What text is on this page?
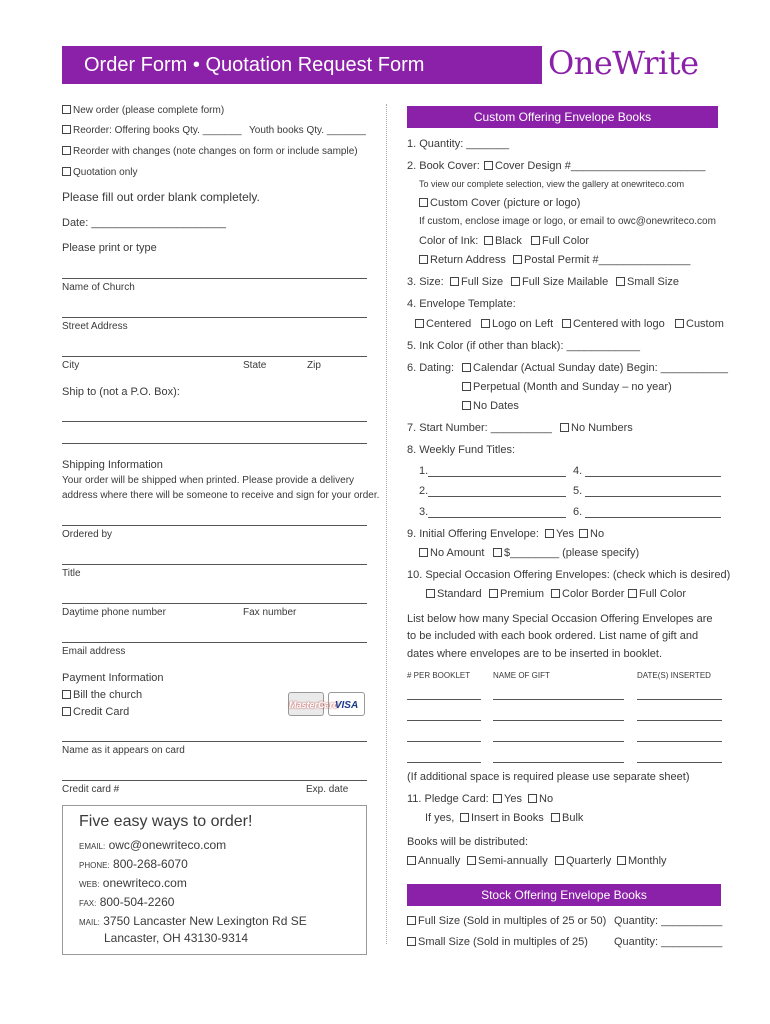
Order Form • Quotation Request Form	OneWrite
New order (please complete form)
Reorder: Offering books Qty. _______ Youth books Qty. _______
Reorder with changes (note changes on form or include sample)
Quotation only
Please fill out order blank completely.
Date: ______________________
Please print or type
Name of Church
Street Address
City	State	Zip
Ship to (not a P.O. Box):
Shipping Information
Your order will be shipped when printed. Please provide a delivery
address where there will be someone to receive and sign for your order.
Ordered by
Title
Daytime phone number	Fax number
Email address
Payment Information
Bill the church
Credit Card
MasterCard
VISA
Name as it appears on card
Credit card #	Exp. date
Five easy ways to order!
EMAIL: owc@onewriteco.com
PHONE: 800-268-6070
WEB: onewriteco.com
FAX: 800-504-2260
MAIL: 3750 Lancaster New Lexington Rd SE
Lancaster, OH 43130-9314
Custom Offering Envelope Books
1. Quantity: _______
2. Book Cover:	Cover Design #______________________
To view our complete selection, view the gallery at onewriteco.com
Custom Cover (picture or logo)
If custom, enclose image or logo, or email to owc@onewriteco.com
Color of Ink:	Black	Full Color
Return Address	Postal Permit #_______________
3. Size:	Full Size	Full Size Mailable	Small Size
4. Envelope Template:
Centered	Logo on Left	Centered with logo	Custom
5. Ink Color (if other than black): ____________
6. Dating:	Calendar (Actual Sunday date) Begin: ___________
Perpetual (Month and Sunday – no year)
No Dates
7. Start Number: __________	No Numbers
8. Weekly Fund Titles:
1.	4.
2.	5.
3.	6.
9. Initial Offering Envelope:	Yes	No
No Amount	$________ (please specify)
10. Special Occasion Offering Envelopes: (check which is desired)
Standard	Premium	Color Border	Full Color
List below how many Special Occasion Offering Envelopes are
to be included with each book ordered. List name of gift and
dates where envelopes are to be inserted in booklet.
# PER BOOKLET	NAME OF GIFT	DATE(S) INSERTED
(If additional space is required please use separate sheet)
11. Pledge Card:	Yes	No
If yes,	Insert in Books	Bulk
Books will be distributed:
Annually	Semi-annually	Quarterly	Monthly
Stock Offering Envelope Books
Full Size (Sold in multiples of 25 or 50) Quantity: __________
Small Size (Sold in multiples of 25) Quantity: __________
